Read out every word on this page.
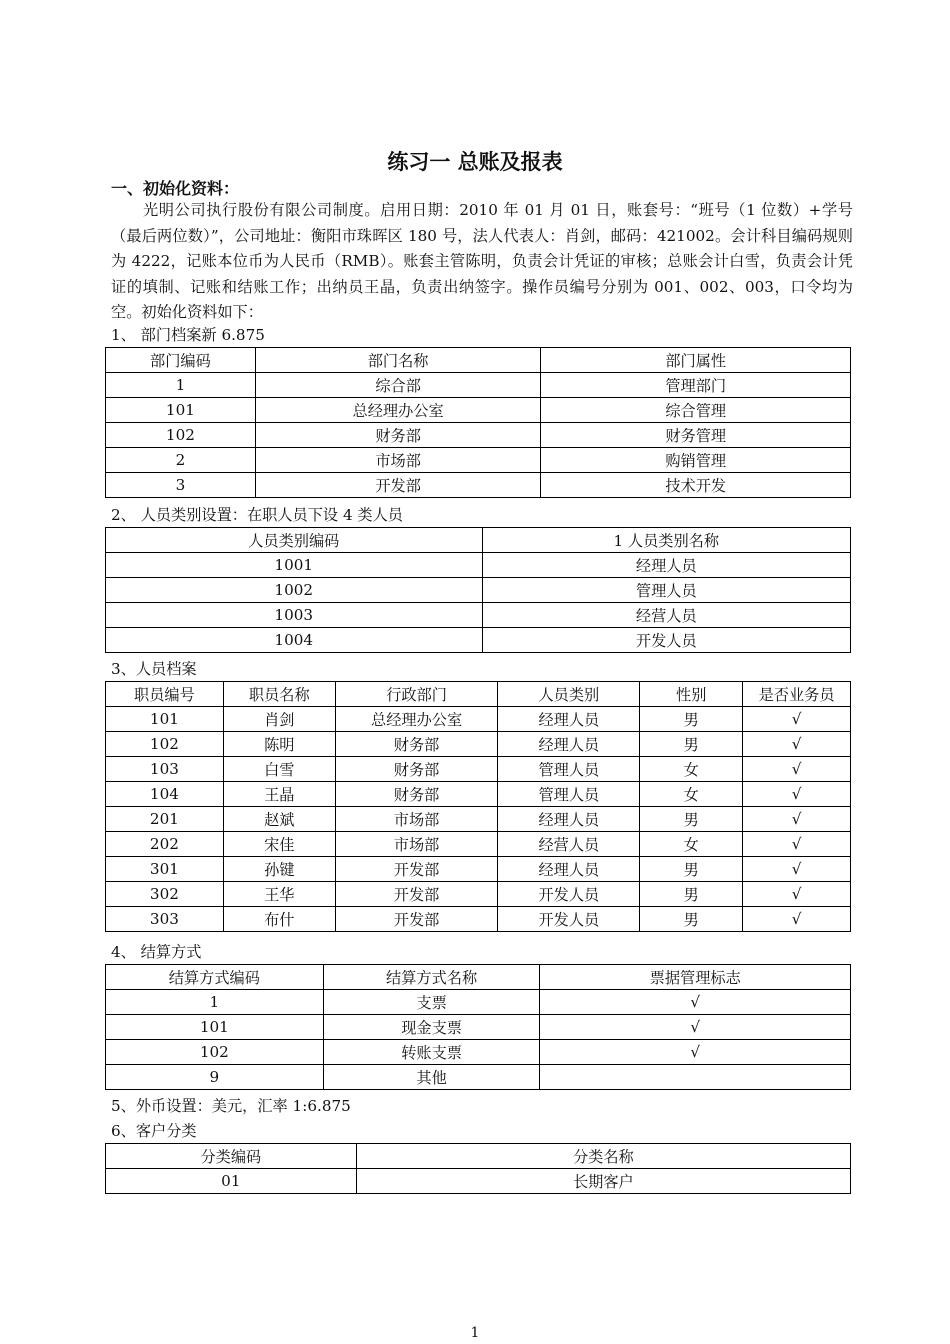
练习一 总账及报表
一、初始化资料：
光明公司执行股份有限公司制度。启用日期：2010 年 01 月 01 日，账套号：“班号（1 位数）+学号（最后两位数）”，公司地址：衡阳市珠晖区 180 号，法人代表人：肖剑，邮码：421002。会计科目编码规则为 4222，记账本位币为人民币（RMB）。账套主管陈明，负责会计凭证的审核；总账会计白雪，负责会计凭证的填制、记账和结账工作；出纳员王晶，负责出纳签字。操作员编号分别为 001、002、003，口令均为空。初始化资料如下：
1、 部门档案新 6.875
部门编码	部门名称	部门属性
1	综合部	管理部门
101	总经理办公室	综合管理
102	财务部	财务管理
2	市场部	购销管理
3	开发部	技术开发
2、 人员类别设置：在职人员下设 4 类人员
人员类别编码	1 人员类别名称
1001	经理人员
1002	管理人员
1003	经营人员
1004	开发人员
3、人员档案
职员编号	职员名称	行政部门	人员类别	性别	是否业务员
101	肖剑	总经理办公室	经理人员	男	√
102	陈明	财务部	经理人员	男	√
103	白雪	财务部	管理人员	女	√
104	王晶	财务部	管理人员	女	√
201	赵斌	市场部	经理人员	男	√
202	宋佳	市场部	经营人员	女	√
301	孙键	开发部	经理人员	男	√
302	王华	开发部	开发人员	男	√
303	布什	开发部	开发人员	男	√
4、 结算方式
结算方式编码	结算方式名称	票据管理标志
1	支票	√
101	现金支票	√
102	转账支票	√
9	其他	
5、外币设置：美元，汇率 1:6.875
6、客户分类
分类编码	分类名称
01	长期客户
1
